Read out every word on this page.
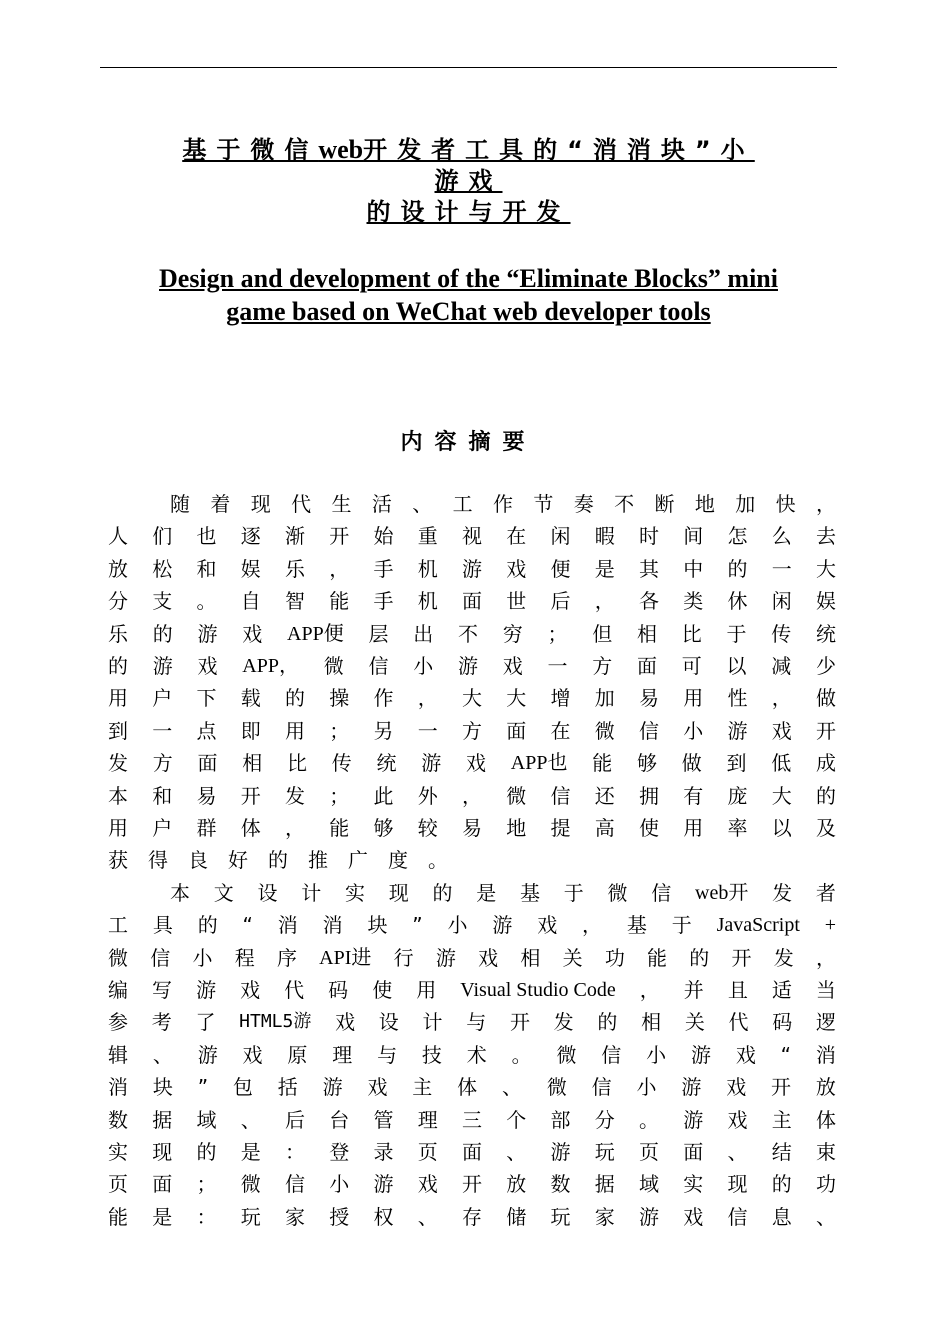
基于微信web开发者工具的“消消块”小
游戏
的设计与开发
Design and development of the “Eliminate Blocks” mini
game based on WeChat web developer tools
内容摘要
随 着 现 代 生 活 、 工 作 节 奏 不 断 地 加 快 ，
人 们 也 逐 渐 开 始 重 视 在 闲 暇 时 间 怎 么 去
放 松 和 娱 乐 ， 手 机 游 戏 便 是 其 中 的 一 大
分 支 。 自 智 能 手 机 面 世 后 ， 各 类 休 闲 娱
乐 的 游 戏 APP便 层 出 不 穷 ； 但 相 比 于 传 统
的 游 戏 APP， 微 信 小 游 戏 一 方 面 可 以 减 少
用 户 下 载 的 操 作 ， 大 大 增 加 易 用 性 ， 做
到 一 点 即 用 ； 另 一 方 面 在 微 信 小 游 戏 开
发 方 面 相 比 传 统 游 戏 APP也 能 够 做 到 低 成
本 和 易 开 发 ； 此 外 ， 微 信 还 拥 有 庞 大 的
用 户 群 体 ， 能 够 较 易 地 提 高 使 用 率 以 及
获 得 良 好 的 推 广 度 。
本 文 设 计 实 现 的 是 基 于 微 信 web开 发 者
工 具 的 “ 消 消 块 ” 小 游 戏 ， 基 于 JavaScript +
微 信 小 程 序 API进 行 游 戏 相 关 功 能 的 开 发 ，
编 写 游 戏 代 码 使 用 Visual Studio Code ， 并 且 适 当
参 考 了 HTML5游 戏 设 计 与 开 发 的 相 关 代 码 逻
辑 、 游 戏 原 理 与 技 术 。 微 信 小 游 戏 “ 消
消 块 ” 包 括 游 戏 主 体 、 微 信 小 游 戏 开 放
数 据 域 、 后 台 管 理 三 个 部 分 。 游 戏 主 体
实 现 的 是 ： 登 录 页 面 、 游 玩 页 面 、 结 束
页 面 ； 微 信 小 游 戏 开 放 数 据 域 实 现 的 功
能 是 ： 玩 家 授 权 、 存 储 玩 家 游 戏 信 息 、
